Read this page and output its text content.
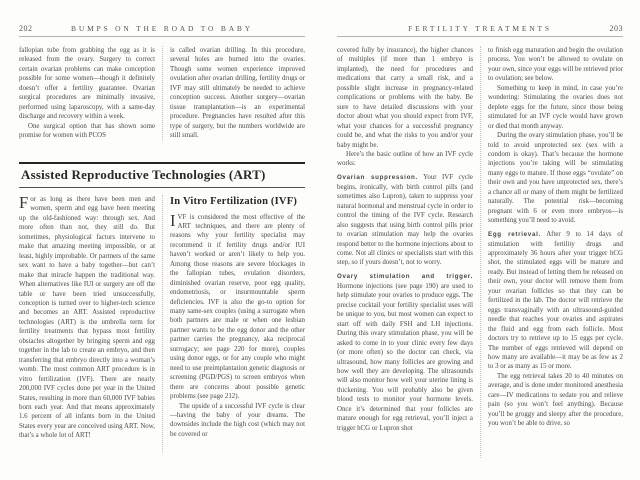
202	BUMPS ON THE ROAD TO BABY

fallopian tube from grabbing the egg as it is released from the ovary. Surgery to correct certain ovarian problems can make conception possible for some women—though it definitely doesn’t offer a fertility guarantee. Ovarian surgical procedures are minimally invasive, performed using laparoscopy, with a same-day discharge and recovery within a week.

One surgical option that has shown some promise for women with PCOS

is called ovarian drilling. In this procedure, several holes are burned into the ovaries. Though some women experience improved ovulation after ovarian drilling, fertility drugs or IVF may still ultimately be needed to achieve conception success. Another surgery—ovarian tissue transplantation—is an experimental procedure. Pregnancies have resulted after this type of surgery, but the numbers worldwide are still small.

Assisted Reproductive Technologies (ART)

For as long as there have been men and women, sperm and egg have been meeting up the old-fashioned way: through sex. And more often than not, they still do. But sometimes, physiological factors intervene to make that amazing meeting impossible, or at least, highly improbable. Or partners of the same sex want to have a baby together—but can’t make that miracle happen the traditional way. When alternatives like IUI or surgery are off the table or have been tried unsuccessfully, conception is turned over to higher-tech science and becomes an ART. Assisted reproductive technologies (ART) is the umbrella term for fertility treatments that bypass most fertility obstacles altogether by bringing sperm and egg together in the lab to create an embryo, and then transferring that embryo directly into a woman’s womb. The most common ART procedure is in vitro fertilization (IVF). There are nearly 200,000 IVF cycles done per year in the United States, resulting in more than 60,000 IVF babies born each year. And that means approximately 1.6 percent of all infants born in the United States every year are conceived using ART. Now, that’s a whole lot of ART!

In Vitro Fertilization (IVF)

IVF is considered the most effective of the ART techniques, and there are plenty of reasons why your fertility specialist may recommend it if fertility drugs and/or IUI haven’t worked or aren’t likely to help you. Among those reasons are severe blockages in the fallopian tubes, ovulation disorders, diminished ovarian reserve, poor egg quality, endometriosis, or insurmountable sperm deficiencies. IVF is also the go-to option for many same-sex couples (using a surrogate when both partners are male or when one lesbian partner wants to be the egg donor and the other partner carries the pregnancy, aka reciprocal surrogacy; see page 220 for more), couples using donor eggs, or for any couple who might need to use preimplantation genetic diagnosis or screening (PGD/PGS) to screen embryos when there are concerns about possible genetic problems (see page 212).

The upside of a successful IVF cycle is clear—having the baby of your dreams. The downsides include the high cost (which may not be covered or

FERTILITY TREATMENTS	203

covered fully by insurance), the higher chances of multiples (if more than 1 embryo is implanted), the need for procedures and medications that carry a small risk, and a possible slight increase in pregnancy-related complications or problems with the baby. Be sure to have detailed discussions with your doctor about what you should expect from IVF, what your chances for a successful pregnancy could be, and what the risks to you and/or your baby might be.

Here’s the basic outline of how an IVF cycle works:

Ovarian suppression. Your IVF cycle begins, ironically, with birth control pills (and sometimes also Lupron), taken to suppress your natural hormonal and menstrual cycle in order to control the timing of the IVF cycle. Research also suggests that using birth control pills prior to ovarian stimulation may help the ovaries respond better to the hormone injections about to come. Not all clinics or specialists start with this step, so if yours doesn’t, not to worry.

Ovary stimulation and trigger. Hormone injections (see page 190) are used to help stimulate your ovaries to produce eggs. The precise cocktail your fertility specialist uses will be unique to you, but most women can expect to start off with daily FSH and LH injections. During this ovary stimulation phase, you will be asked to come in to your clinic every few days (or more often) so the doctor can check, via ultrasound, how many follicles are growing and how well they are developing. The ultrasounds will also monitor how well your uterine lining is thickening. You will probably also be given blood tests to monitor your hormone levels. Once it’s determined that your follicles are mature enough for egg retrieval, you’ll inject a trigger hCG or Lupron shot

to finish egg maturation and begin the ovulation process. You won’t be allowed to ovulate on your own, since your eggs will be retrieved prior to ovulation; see below.

Something to keep in mind, in case you’re wondering: Stimulating the ovaries does not deplete eggs for the future, since those being stimulated for an IVF cycle would have grown or died that month anyway.

During the ovary stimulation phase, you’ll be told to avoid unprotected sex (sex with a condom is okay). That’s because the hormone injections you’re taking will be stimulating many eggs to mature. If those eggs “ovulate” on their own and you have unprotected sex, there’s a chance all or many of them might be fertilized naturally. The potential risk—becoming pregnant with 6 or even more embryos—is something you’ll need to avoid.

Egg retrieval. After 9 to 14 days of stimulation with fertility drugs and approximately 36 hours after your trigger hCG shot, the stimulated eggs will be mature and ready. But instead of letting them be released on their own, your doctor will remove them from your ovarian follicles so that they can be fertilized in the lab. The doctor will retrieve the eggs transvaginally with an ultrasound-guided needle that reaches your ovaries and aspirates the fluid and egg from each follicle. Most doctors try to retrieve up to 15 eggs per cycle. The number of eggs retrieved will depend on how many are available—it may be as few as 2 to 3 or as many as 15 or more.

The egg retrieval takes 20 to 40 minutes on average, and is done under monitored anesthesia care—IV medications to sedate you and relieve pain (so you won’t feel anything). Because you’ll be groggy and sleepy after the procedure, you won’t be able to drive, so
